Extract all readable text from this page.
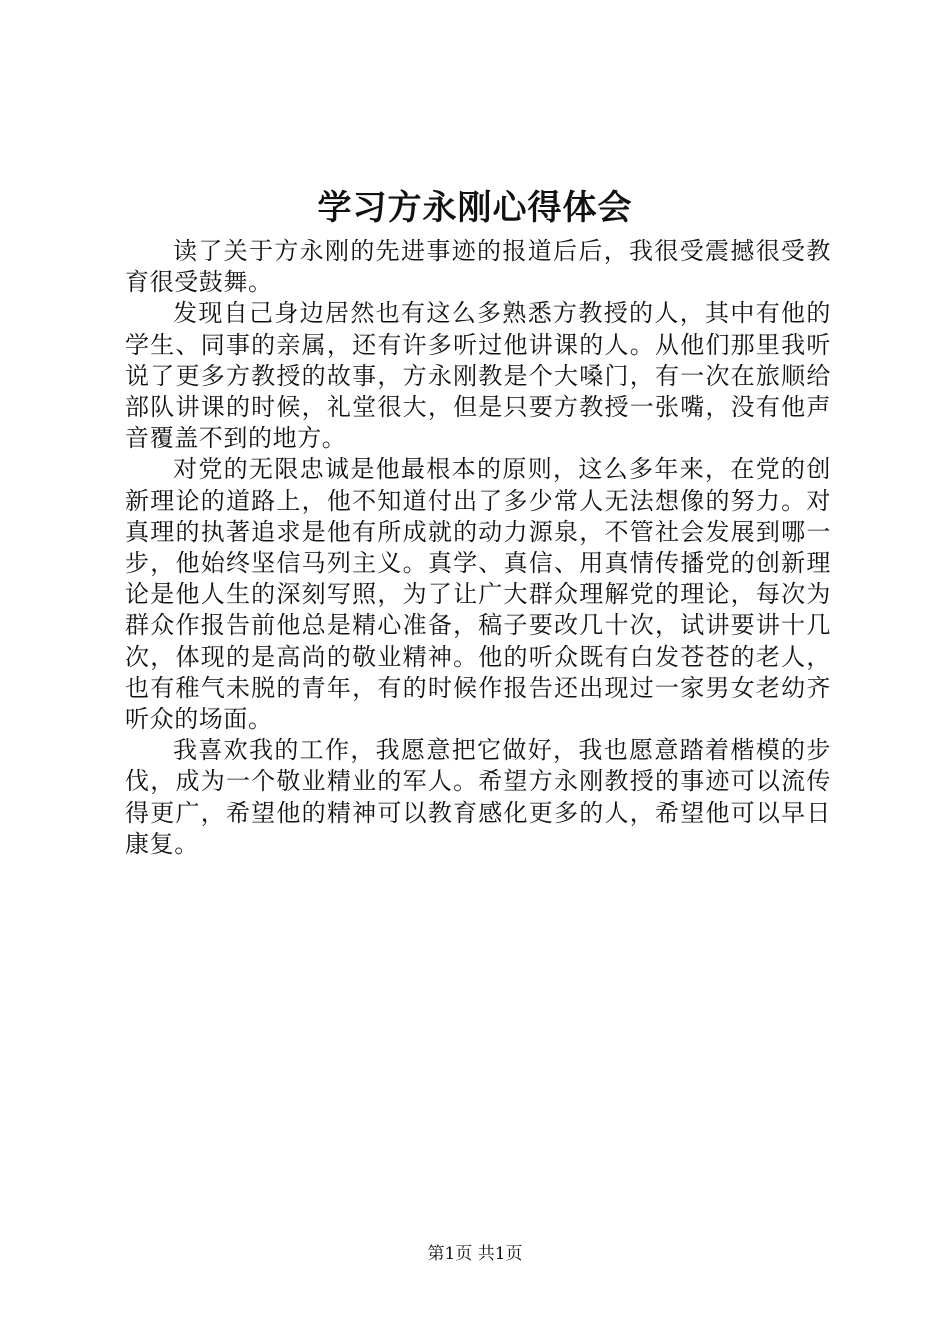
学习方永刚心得体会

读了关于方永刚的先进事迹的报道后后，我很受震撼很受教育很受鼓舞。

发现自己身边居然也有这么多熟悉方教授的人，其中有他的学生、同事的亲属，还有许多听过他讲课的人。从他们那里我听说了更多方教授的故事，方永刚教是个大嗓门，有一次在旅顺给部队讲课的时候，礼堂很大，但是只要方教授一张嘴，没有他声音覆盖不到的地方。

对党的无限忠诚是他最根本的原则，这么多年来，在党的创新理论的道路上，他不知道付出了多少常人无法想像的努力。对真理的执著追求是他有所成就的动力源泉，不管社会发展到哪一步，他始终坚信马列主义。真学、真信、用真情传播党的创新理论是他人生的深刻写照，为了让广大群众理解党的理论，每次为群众作报告前他总是精心准备，稿子要改几十次，试讲要讲十几次，体现的是高尚的敬业精神。他的听众既有白发苍苍的老人，也有稚气未脱的青年，有的时候作报告还出现过一家男女老幼齐听众的场面。

我喜欢我的工作，我愿意把它做好，我也愿意踏着楷模的步伐，成为一个敬业精业的军人。希望方永刚教授的事迹可以流传得更广，希望他的精神可以教育感化更多的人，希望他可以早日康复。

第1页 共1页
